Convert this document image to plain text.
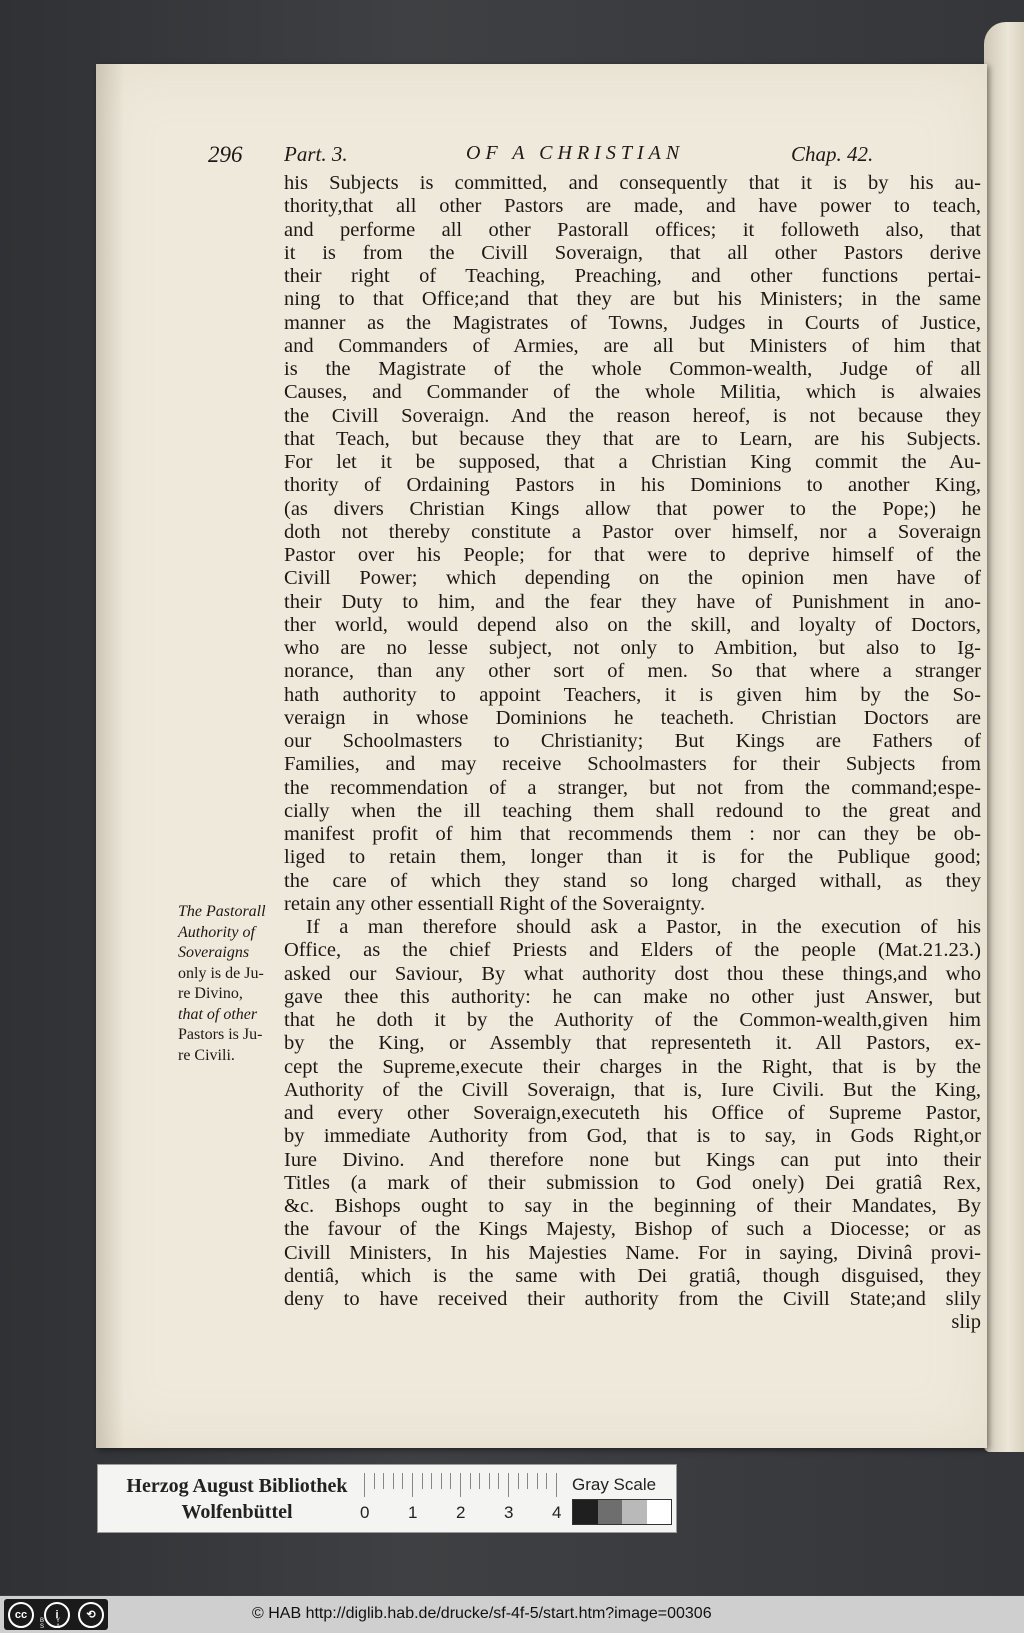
296 Part. 3.	OF A CHRISTIAN	Chap. 42.
The Pastorall
Authority of
Soveraigns
only is de Ju-
re Divino,
that of other
Pastors is Ju-
re Civili.
his Subjects is committed, and consequently that it is by his au-
thority,that all other Pastors are made, and have power to teach,
and performe all other Pastorall offices; it followeth also, that
it is from the Civill Soveraign, that all other Pastors derive
their right of Teaching, Preaching, and other functions pertai-
ning to that Office;and that they are but his Ministers; in the same
manner as the Magistrates of Towns, Judges in Courts of Justice,
and Commanders of Armies, are all but Ministers of him that
is the Magistrate of the whole Common-wealth, Judge of all
Causes, and Commander of the whole Militia, which is alwaies
the Civill Soveraign. And the reason hereof, is not because they
that Teach, but because they that are to Learn, are his Subjects.
For let it be supposed, that a Christian King commit the Au-
thority of Ordaining Pastors in his Dominions to another King,
(as divers Christian Kings allow that power to the Pope;) he
doth not thereby constitute a Pastor over himself, nor a Soveraign
Pastor over his People; for that were to deprive himself of the
Civill Power; which depending on the opinion men have of
their Duty to him, and the fear they have of Punishment in ano-
ther world, would depend also on the skill, and loyalty of Doctors,
who are no lesse subject, not only to Ambition, but also to Ig-
norance, than any other sort of men. So that where a stranger
hath authority to appoint Teachers, it is given him by the So-
veraign in whose Dominions he teacheth. Christian Doctors are
our Schoolmasters to Christianity; But Kings are Fathers of
Families, and may receive Schoolmasters for their Subjects from
the recommendation of a stranger, but not from the command;espe-
cially when the ill teaching them shall redound to the great and
manifest profit of him that recommends them : nor can they be ob-
liged to retain them, longer than it is for the Publique good;
the care of which they stand so long charged withall, as they
retain any other essentiall Right of the Soveraignty.
If a man therefore should ask a Pastor, in the execution of his
Office, as the chief Priests and Elders of the people (Mat.21.23.)
asked our Saviour, By what authority dost thou these things,and who
gave thee this authority: he can make no other just Answer, but
that he doth it by the Authority of the Common-wealth,given him
by the King, or Assembly that representeth it. All Pastors, ex-
cept the Supreme,execute their charges in the Right, that is by the
Authority of the Civill Soveraign, that is, Iure Civili. But the King,
and every other Soveraign,executeth his Office of Supreme Pastor,
by immediate Authority from God, that is to say, in Gods Right,or
Iure Divino. And therefore none but Kings can put into their
Titles (a mark of their submission to God onely) Dei gratiâ Rex,
&c. Bishops ought to say in the beginning of their Mandates, By
the favour of the Kings Majesty, Bishop of such a Diocesse; or as
Civill Ministers, In his Majesties Name. For in saying, Divinâ provi-
dentiâ, which is the same with Dei gratiâ, though disguised, they
deny to have received their authority from the Civill State;and slily
slip
Herzog August Bibliothek
Wolfenbüttel
Gray Scale
0 1 2 3 4
cc	i	⟲
BY SA
© HAB http://diglib.hab.de/drucke/sf-4f-5/start.htm?image=00306
